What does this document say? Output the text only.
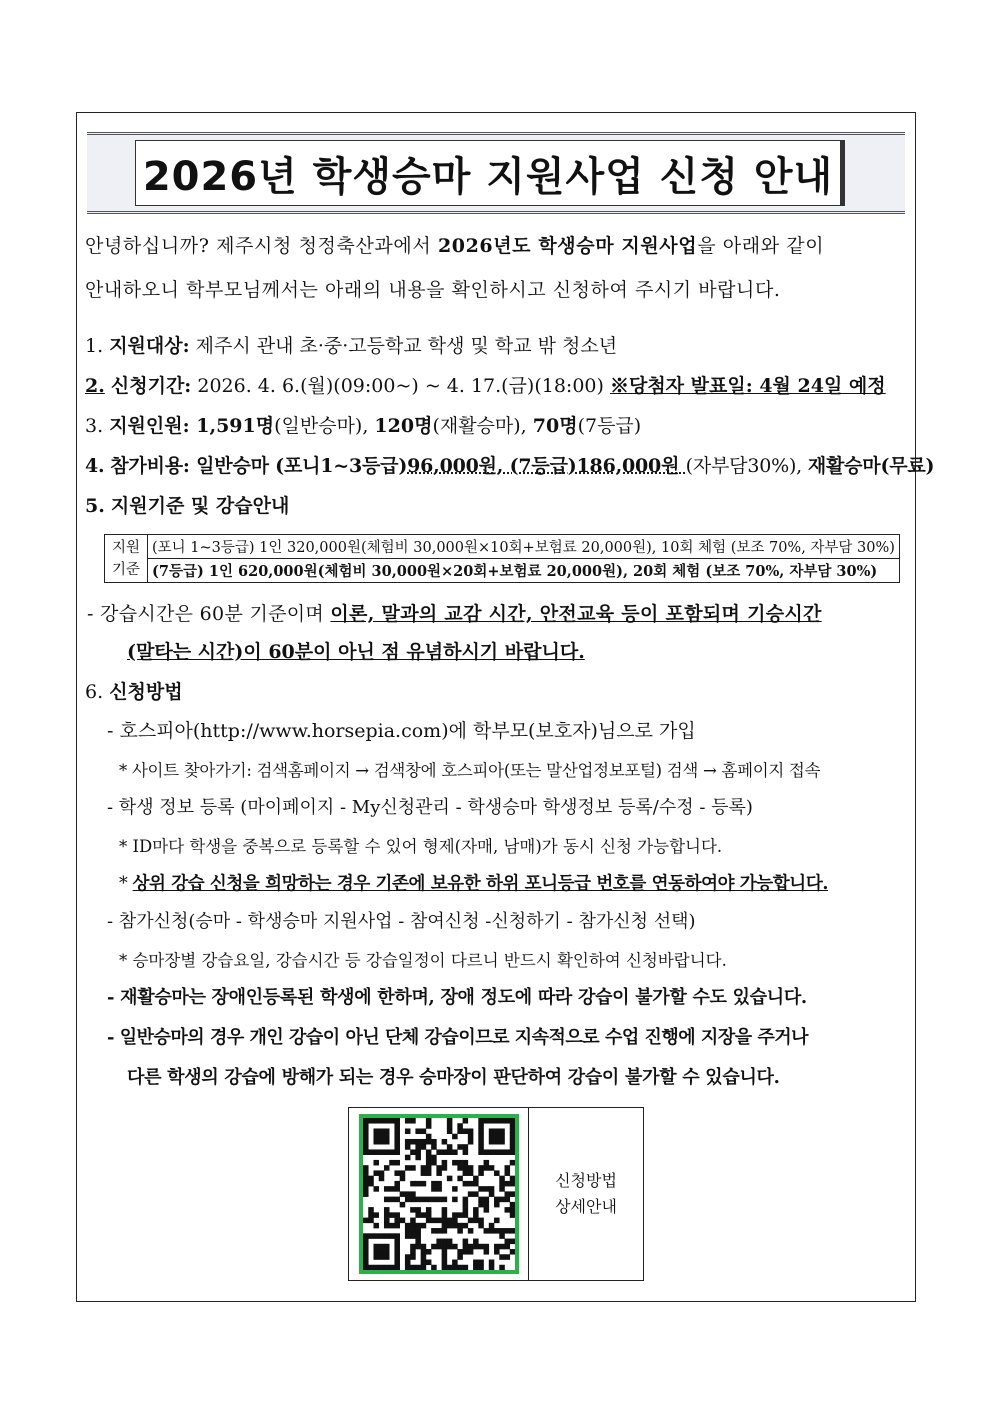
2026년 학생승마 지원사업 신청 안내
안녕하십니까? 제주시청 청정축산과에서 2026년도 학생승마 지원사업을 아래와 같이
안내하오니 학부모님께서는 아래의 내용을 확인하시고 신청하여 주시기 바랍니다.
1. 지원대상: 제주시 관내 초·중·고등학교 학생 및 학교 밖 청소년
2. 신청기간: 2026. 4. 6.(월)(09:00~) ~ 4. 17.(금)(18:00) ※당첨자 발표일: 4월 24일 예정
3. 지원인원: 1,591명(일반승마), 120명(재활승마), 70명(7등급)
4. 참가비용: 일반승마 (포니1~3등급)96,000원, (7등급)186,000원 (자부담30%), 재활승마(무료)
5. 지원기준 및 강습안내
지원
기준	(포니 1~3등급) 1인 320,000원(체험비 30,000원×10회+보험료 20,000원), 10회 체험 (보조 70%, 자부담 30%)
(7등급) 1인 620,000원(체험비 30,000원×20회+보험료 20,000원), 20회 체험 (보조 70%, 자부담 30%)
- 강습시간은 60분 기준이며 이론, 말과의 교감 시간, 안전교육 등이 포함되며 기승시간
(말타는 시간)이 60분이 아닌 점 유념하시기 바랍니다.
6. 신청방법
- 호스피아(http://www.horsepia.com)에 학부모(보호자)님으로 가입
* 사이트 찾아가기: 검색홈페이지 → 검색창에 호스피아(또는 말산업정보포털) 검색 → 홈페이지 접속
- 학생 정보 등록 (마이페이지 - My신청관리 - 학생승마 학생정보 등록/수정 - 등록)
* ID마다 학생을 중복으로 등록할 수 있어 형제(자매, 남매)가 동시 신청 가능합니다.
* 상위 강습 신청을 희망하는 경우 기존에 보유한 하위 포니등급 번호를 연동하여야 가능합니다.
- 참가신청(승마 - 학생승마 지원사업 - 참여신청 -신청하기 - 참가신청 선택)
* 승마장별 강습요일, 강습시간 등 강습일정이 다르니 반드시 확인하여 신청바랍니다.
- 재활승마는 장애인등록된 학생에 한하며, 장애 정도에 따라 강습이 불가할 수도 있습니다.
- 일반승마의 경우 개인 강습이 아닌 단체 강습이므로 지속적으로 수업 진행에 지장을 주거나
다른 학생의 강습에 방해가 되는 경우 승마장이 판단하여 강습이 불가할 수 있습니다.
신청방법
상세안내
